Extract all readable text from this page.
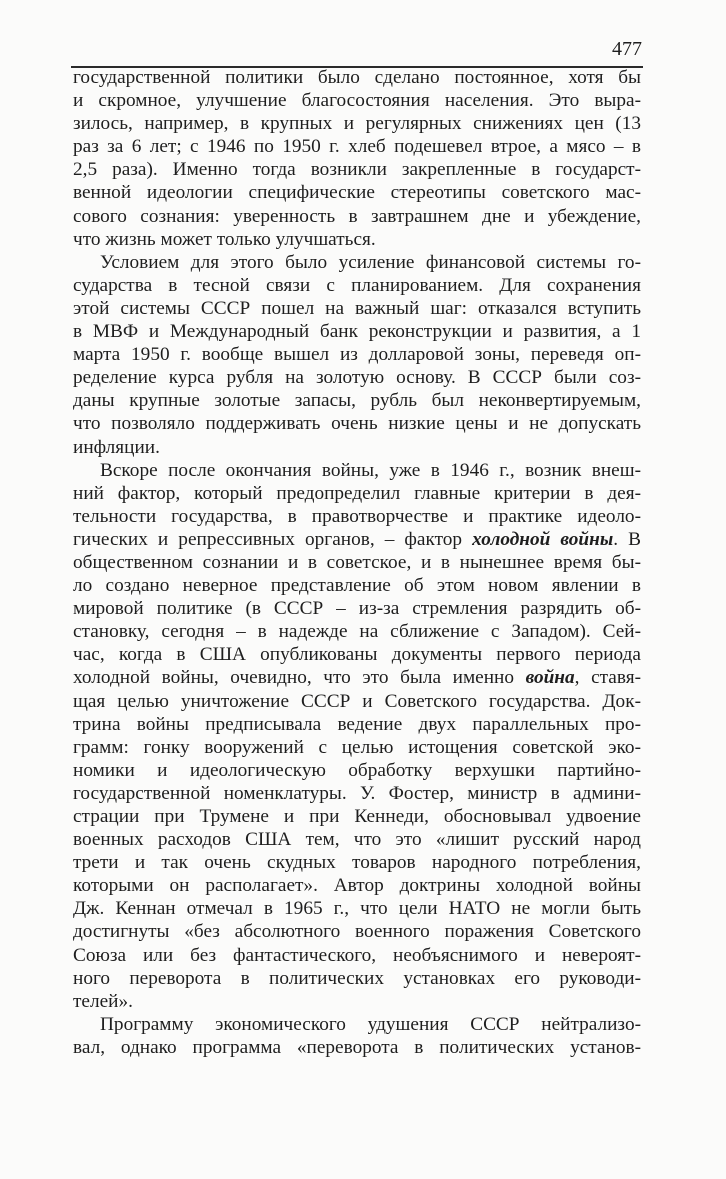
477
государственной политики было сделано постоянное, хотя бы
и скромное, улучшение благосостояния населения. Это выра-
зилось, например, в крупных и регулярных снижениях цен (13
раз за 6 лет; с 1946 по 1950 г. хлеб подешевел втрое, а мясо – в
2,5 раза). Именно тогда возникли закрепленные в государст-
венной идеологии специфические стереотипы советского мас-
сового сознания: уверенность в завтрашнем дне и убеждение,
что жизнь может только улучшаться.
Условием для этого было усиление финансовой системы го-
сударства в тесной связи с планированием. Для сохранения
этой системы СССР пошел на важный шаг: отказался вступить
в МВФ и Международный банк реконструкции и развития, а 1
марта 1950 г. вообще вышел из долларовой зоны, переведя оп-
ределение курса рубля на золотую основу. В СССР были соз-
даны крупные золотые запасы, рубль был неконвертируемым,
что позволяло поддерживать очень низкие цены и не допускать
инфляции.
Вскоре после окончания войны, уже в 1946 г., возник внеш-
ний фактор, который предопределил главные критерии в дея-
тельности государства, в правотворчестве и практике идеоло-
гических и репрессивных органов, – фактор холодной войны. В
общественном сознании и в советское, и в нынешнее время бы-
ло создано неверное представление об этом новом явлении в
мировой политике (в СССР – из-за стремления разрядить об-
становку, сегодня – в надежде на сближение с Западом). Сей-
час, когда в США опубликованы документы первого периода
холодной войны, очевидно, что это была именно война, ставя-
щая целью уничтожение СССР и Советского государства. Док-
трина войны предписывала ведение двух параллельных про-
грамм: гонку вооружений с целью истощения советской эко-
номики и идеологическую обработку верхушки партийно-
государственной номенклатуры. У. Фостер, министр в админи-
страции при Трумене и при Кеннеди, обосновывал удвоение
военных расходов США тем, что это «лишит русский народ
трети и так очень скудных товаров народного потребления,
которыми он располагает». Автор доктрины холодной войны
Дж. Кеннан отмечал в 1965 г., что цели НАТО не могли быть
достигнуты «без абсолютного военного поражения Советского
Союза или без фантастического, необъяснимого и невероят-
ного переворота в политических установках его руководи-
телей».
Программу экономического удушения СССР нейтрализо-
вал, однако программа «переворота в политических установ-
